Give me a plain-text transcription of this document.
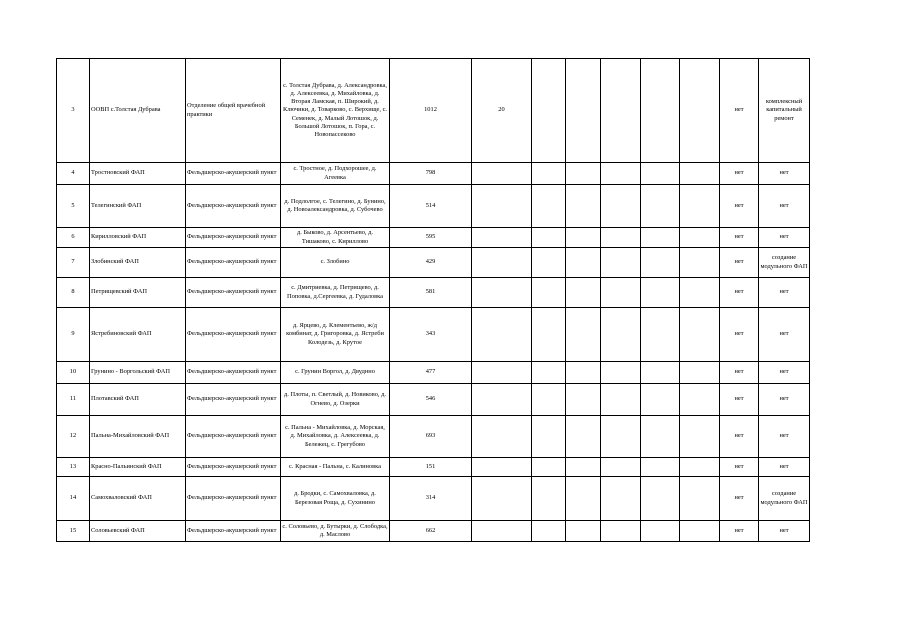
3	ООВП с.Толстая Дубрава	Отделение общей врачебной практики	с. Толстая Дубрава, д. Александровка, д. Алексеевка, д. Михайловка, д. Вторая Ламская, п. Широкий, д. Ключики, д. Товарково, с. Верхище, с. Семенек, д. Малый Лотошок, д. Большой Лотошок, п. Гора, с. Новопассеково	1012	20						нет	комплексный капитальный ремонт
4	Тростновский ФАП	Фельдшерско-акушерский пункт	с. Тростное, д. Подхорошее, д. Агеевка	798							нет	нет
5	Телегинский ФАП	Фельдшерско-акушерский пункт	д. Подлолгое, с. Телегино, д. Бунино, д. Новоалександровка, д. Субочево	514							нет	нет
6	Кирилловский ФАП	Фельдшерско-акушерский пункт	д. Быково, д. Арсентьево, д. Тишаково, с. Кириллово	595							нет	нет
7	Злобинский ФАП	Фельдшерско-акушерский пункт	с. Злобино	429							нет	создание модульного ФАП
8	Петрищевский ФАП	Фельдшерско-акушерский пункт	с. Дмитриевка, д. Петрищево, д. Поповка, д.Сергеевка, д. Гудаловка	581							нет	нет
9	Ястребиновский ФАП	Фельдшерско-акушерский пункт	д. Ярцево, д. Клементьево, ж/д комбинат, д. Григоровка, д. Ястреби Колодезь, д. Крутое	343							нет	нет
10	Грунино - Воргольский ФАП	Фельдшерско-акушерский пункт	с. Грунин Воргол, д. Двуднно	477							нет	нет
11	Плотавский ФАП	Фельдшерско-акушерский пункт	д. Плоты, п. Светлый, д. Новиково, д. Огнево, д. Озерки	546							нет	нет
12	Пальна-Михайловский ФАП	Фельдшерско-акушерский пункт	с. Пальна - Михайловка, д. Морская, д. Михайловка, д. Алексеевка, д. Бележец, с. Грегубово	693							нет	нет
13	Красно-Пальинский ФАП	Фельдшерско-акушерский пункт	с. Красная - Пальна, с. Калиновка	151							нет	нет
14	Самохваловский ФАП	Фельдшерско-акушерский пункт	д. Бродки, с. Самохваловка, д. Березовая Роща, д. Сухинино	314							нет	создание модульного ФАП
15	Соловьевский ФАП	Фельдшерско-акушерский пункт	с. Соловьево, д. Бутырки, д. Слободка, д. Маслово	662							нет	нет
